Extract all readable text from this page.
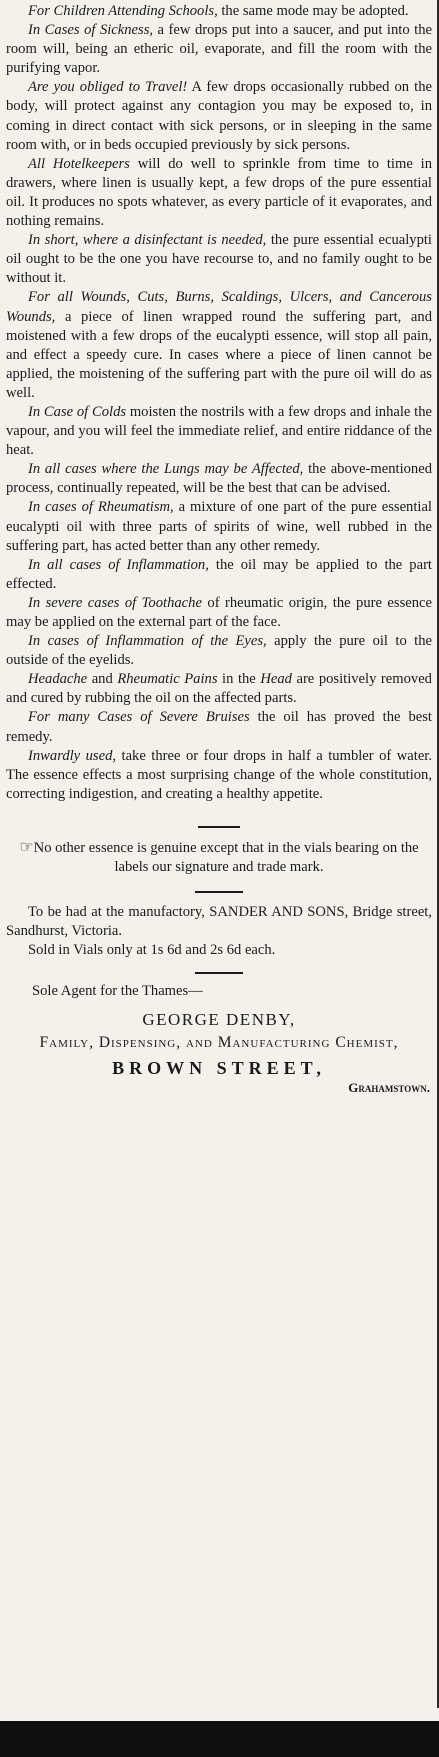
For Children Attending Schools, the same mode may be adopted.

In Cases of Sickness, a few drops put into a saucer, and put into the room will, being an etheric oil, evaporate, and fill the room with the purifying vapor.

Are you obliged to Travel! A few drops occasionally rubbed on the body, will protect against any contagion you may be exposed to, in coming in direct contact with sick persons, or in sleeping in the same room with, or in beds occupied previously by sick persons.

All Hotelkeepers will do well to sprinkle from time to time in drawers, where linen is usually kept, a few drops of the pure essential oil. It produces no spots whatever, as every particle of it evaporates, and nothing remains.

In short, where a disinfectant is needed, the pure essential ecualypti oil ought to be the one you have recourse to, and no family ought to be without it.

For all Wounds, Cuts, Burns, Scaldings, Ulcers, and Cancerous Wounds, a piece of linen wrapped round the suffering part, and moistened with a few drops of the eucalypti essence, will stop all pain, and effect a speedy cure. In cases where a piece of linen cannot be applied, the moistening of the suffering part with the pure oil will do as well.

In Case of Colds moisten the nostrils with a few drops and inhale the vapour, and you will feel the immediate relief, and entire riddance of the heat.

In all cases where the Lungs may be Affected, the above-mentioned process, continually repeated, will be the best that can be advised.

In cases of Rheumatism, a mixture of one part of the pure essential eucalypti oil with three parts of spirits of wine, well rubbed in the suffering part, has acted better than any other remedy.

In all cases of Inflammation, the oil may be applied to the part effected.

In severe cases of Toothache of rheumatic origin, the pure essence may be applied on the external part of the face.

In cases of Inflammation of the Eyes, apply the pure oil to the outside of the eyelids.

Headache and Rheumatic Pains in the Head are positively removed and cured by rubbing the oil on the affected parts.

For many Cases of Severe Bruises the oil has proved the best remedy.

Inwardly used, take three or four drops in half a tumbler of water. The essence effects a most surprising change of the whole constitution, correcting indigestion, and creating a healthy appetite.

☞No other essence is genuine except that in the vials bearing on the labels our signature and trade mark.

To be had at the manufactory, SANDER AND SONS, Bridge street, Sandhurst, Victoria.

Sold in Vials only at 1s 6d and 2s 6d each.

Sole Agent for the Thames—

GEORGE DENBY,
Family, Dispensing, and Manufacturing Chemist,
BROWN STREET,
Grahamstown.
